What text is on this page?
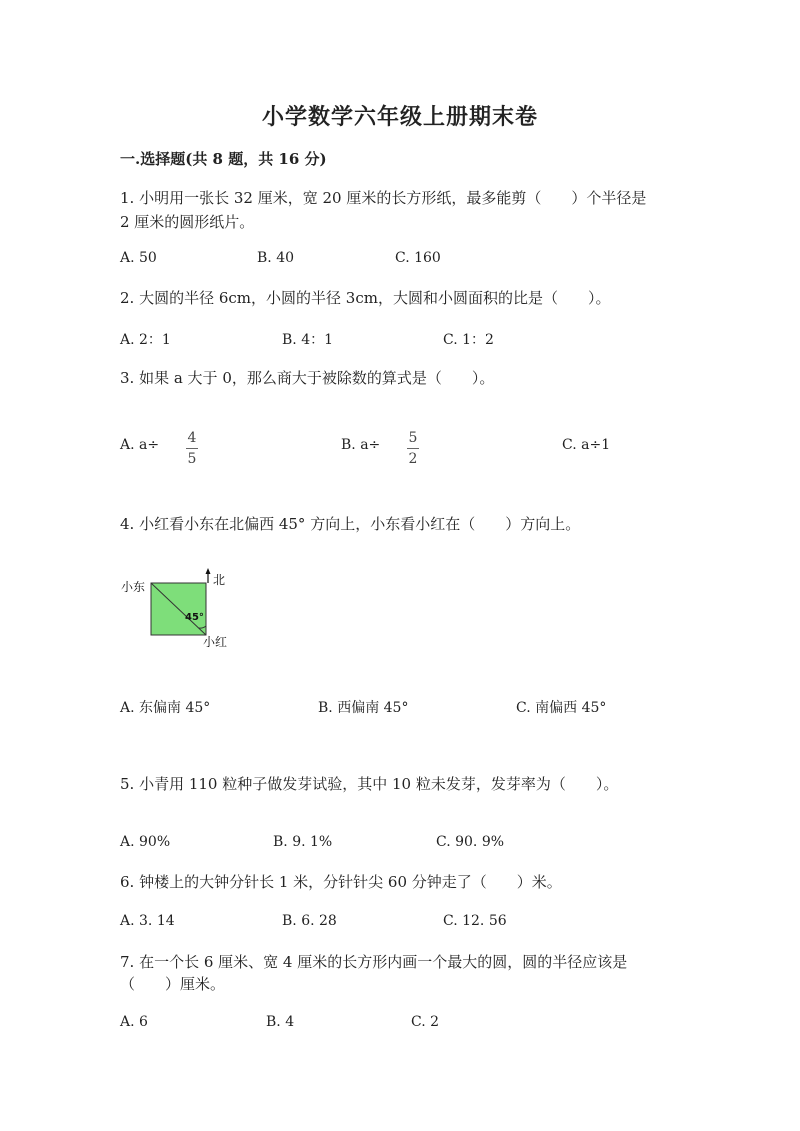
小学数学六年级上册期末卷
一.选择题(共 8 题，共 16 分)
1. 小明用一张长 32 厘米，宽 20 厘米的长方形纸，最多能剪（　　）个半径是
2 厘米的圆形纸片。
A. 50	B. 40	C. 160
2. 大圆的半径 6cm，小圆的半径 3cm，大圆和小圆面积的比是（　　）。
A. 2：1	B. 4：1	C. 1：2
3. 如果 a 大于 0，那么商大于被除数的算式是（　　）。
A. a÷ 4
5
B. a÷ 5
2
C. a÷1
4. 小红看小东在北偏西 45° 方向上，小东看小红在（　　）方向上。
北
小东
小红
45°
A. 东偏南 45°	B. 西偏南 45°	C. 南偏西 45°
5. 小青用 110 粒种子做发芽试验，其中 10 粒未发芽，发芽率为（　　）。
A. 90%	B. 9. 1%	C. 90. 9%
6. 钟楼上的大钟分针长 1 米，分针针尖 60 分钟走了（　　）米。
A. 3. 14	B. 6. 28	C. 12. 56
7. 在一个长 6 厘米、宽 4 厘米的长方形内画一个最大的圆，圆的半径应该是
（　　）厘米。
A. 6	B. 4	C. 2
